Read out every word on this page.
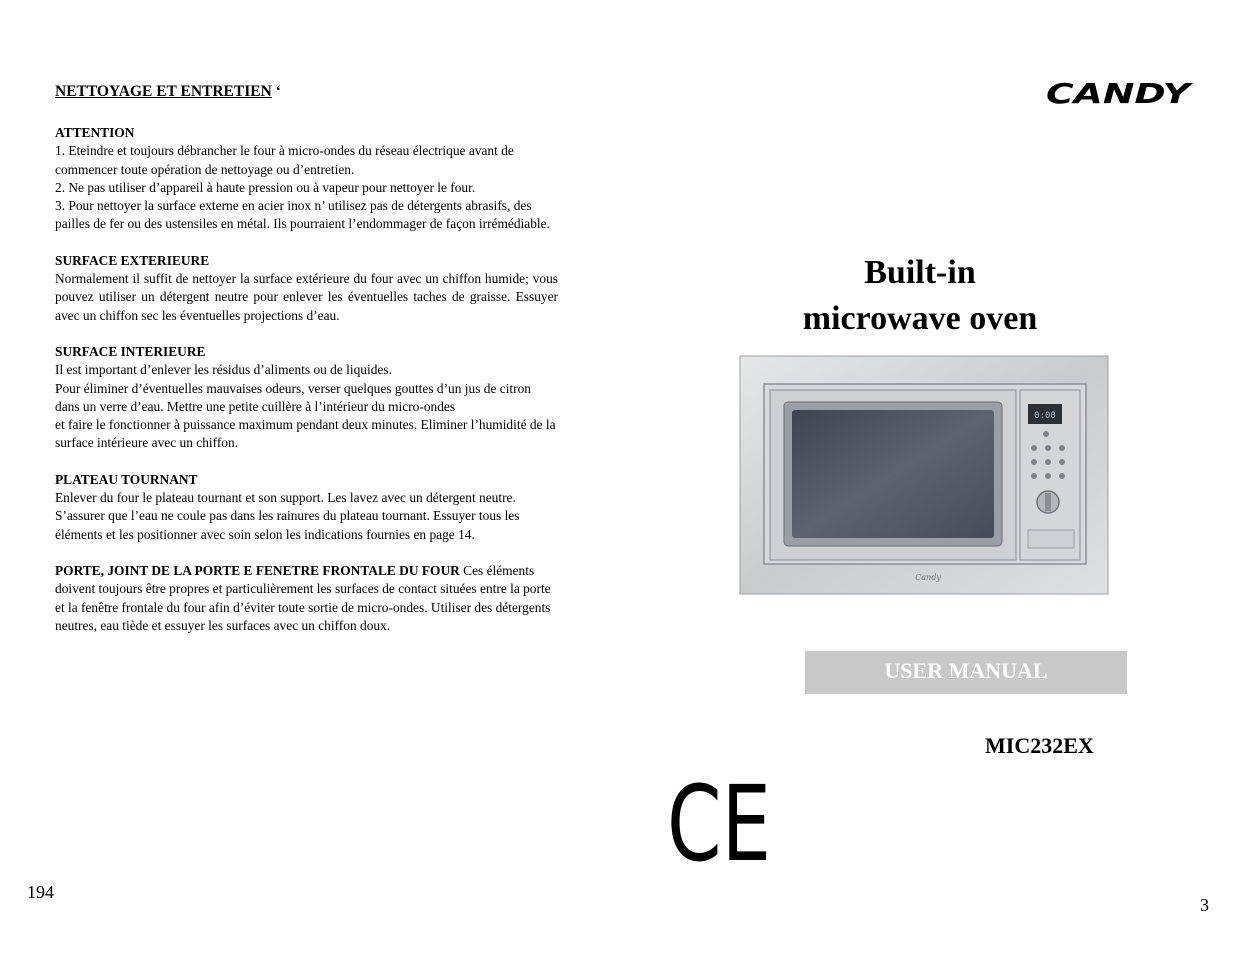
NETTOYAGE ET ENTRETIEN ‘
ATTENTION

1. Eteindre et toujours débrancher le four à micro-ondes du réseau électrique avant de commencer toute opération de nettoyage ou d’entretien.

2. Ne pas utiliser d’appareil à haute pression ou à vapeur pour nettoyer le four.

3. Pour nettoyer la surface externe en acier inox n’ utilisez pas de détergents abrasifs, des pailles de fer ou des ustensiles en métal. Ils pourraient l’endommager de façon irrémédiable.

SURFACE EXTERIEURE

Normalement il suffit de nettoyer la surface extérieure du four avec un chiffon humide; vous pouvez utiliser un détergent neutre pour enlever les éventuelles taches de graisse. Essuyer avec un chiffon sec les éventuelles projections d’eau.

SURFACE INTERIEURE

Il est important d’enlever les résidus d’aliments ou de liquides.

Pour éliminer d’éventuelles mauvaises odeurs, verser quelques gouttes d’un jus de citron dans un verre d’eau. Mettre une petite cuillère à l’intérieur du micro-ondes

et faire le fonctionner à puissance maximum pendant deux minutes. Eliminer l’humidité de la surface intérieure avec un chiffon.

PLATEAU TOURNANT

Enlever du four le plateau tournant et son support. Les lavez avec un détergent neutre. S’assurer que l’eau ne coule pas dans les rainures du plateau tournant. Essuyer tous les éléments et les positionner avec soin selon les indications fournies en page 14.

PORTE, JOINT DE LA PORTE E FENETRE FRONTALE DU FOUR Ces éléments doivent toujours être propres et particulièrement les surfaces de contact situées entre la porte et la fenêtre frontale du four afin d’éviter toute sortie de micro-ondes. Utiliser des détergents neutres, eau tiède et essuyer les surfaces avec un chiffon doux.

194
CANDY
Built-in
microwave oven
0:00
Candy
USER MANUAL
MIC232EX
CE
3
